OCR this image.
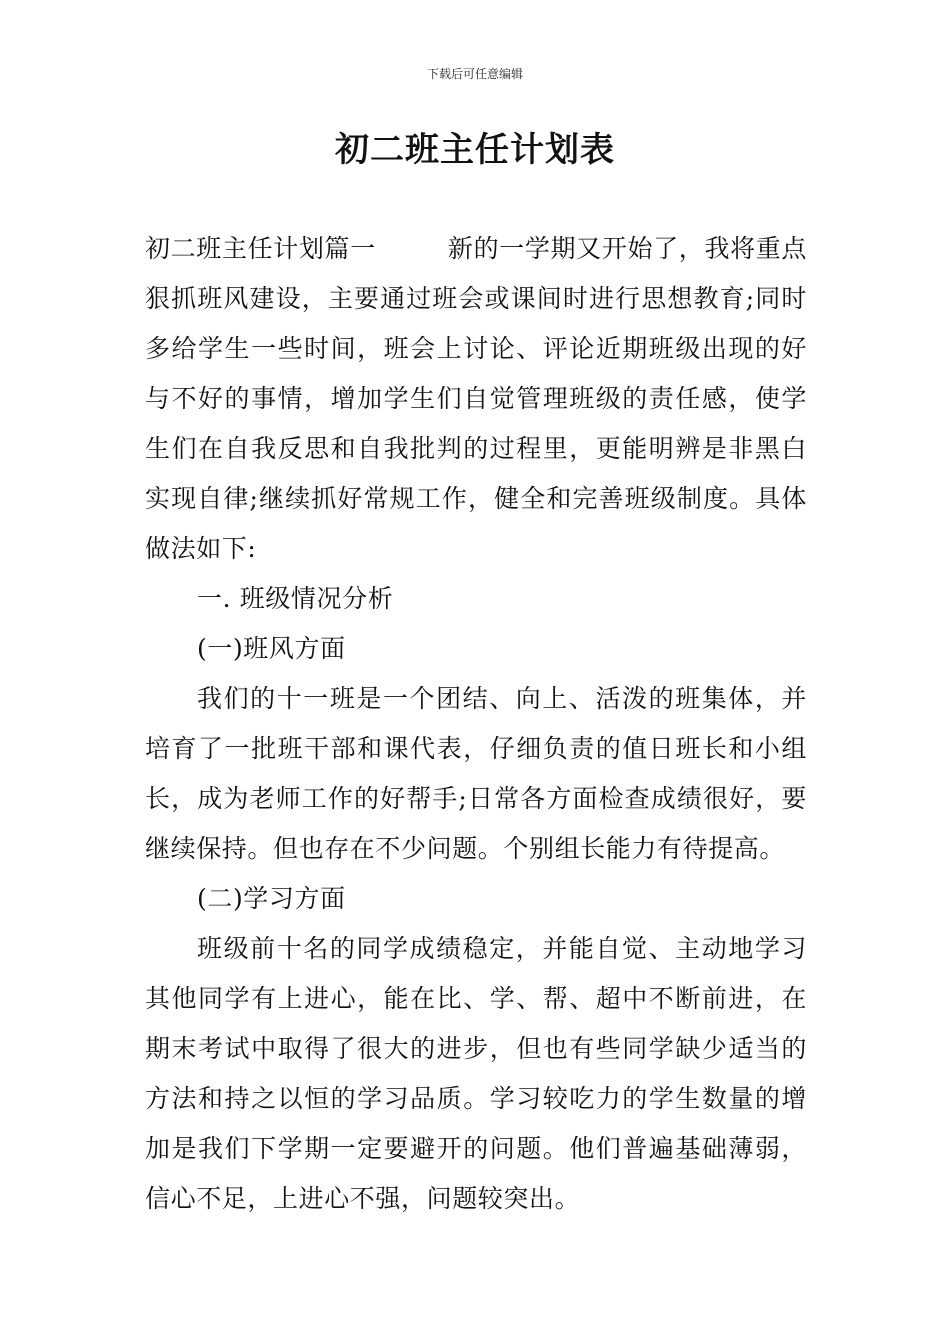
下载后可任意编辑
初二班主任计划表

初二班主任计划篇一	新的一学期又开始了，我将重点狠抓班风建设，主要通过班会或课间时进行思想教育;同时多给学生一些时间，班会上讨论、评论近期班级出现的好与不好的事情，增加学生们自觉管理班级的责任感，使学生们在自我反思和自我批判的过程里，更能明辨是非黑白实现自律;继续抓好常规工作，健全和完善班级制度。具体做法如下:

一. 班级情况分析

(一)班风方面

我们的十一班是一个团结、向上、活泼的班集体，并培育了一批班干部和课代表，仔细负责的值日班长和小组长，成为老师工作的好帮手;日常各方面检查成绩很好，要继续保持。但也存在不少问题。个别组长能力有待提高。

(二)学习方面

班级前十名的同学成绩稳定，并能自觉、主动地学习其他同学有上进心，能在比、学、帮、超中不断前进，在期末考试中取得了很大的进步，但也有些同学缺少适当的方法和持之以恒的学习品质。学习较吃力的学生数量的增加是我们下学期一定要避开的问题。他们普遍基础薄弱，信心不足，上进心不强，问题较突出。
